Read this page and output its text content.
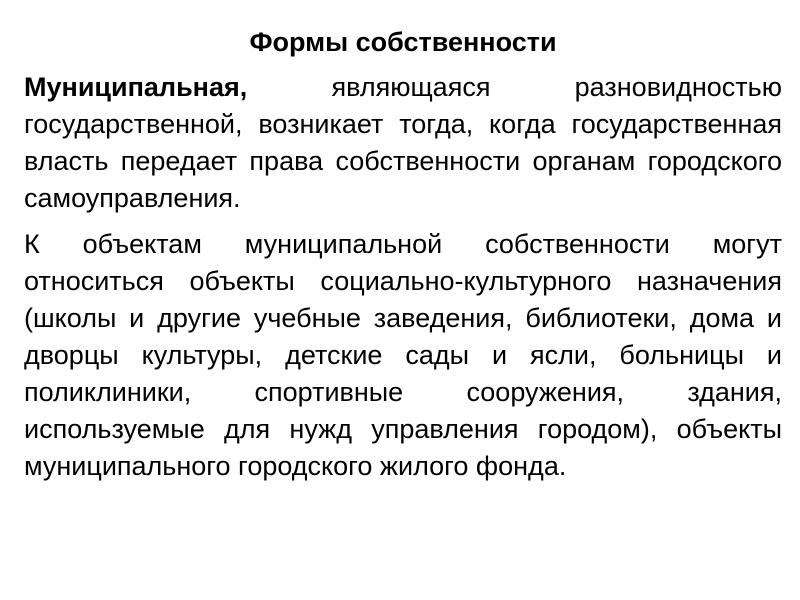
Формы собственности

Муниципальная, являющаяся разновидностью государственной, возникает тогда, когда государственная власть передает права собственности органам городского самоуправления.

К объектам муниципальной собственности могут относиться объекты социально-культурного назначения (школы и другие учебные заведения, библиотеки, дома и дворцы культуры, детские сады и ясли, больницы и поликлиники, спортивные сооружения, здания, используемые для нужд управления городом), объекты муниципального городского жилого фонда.
